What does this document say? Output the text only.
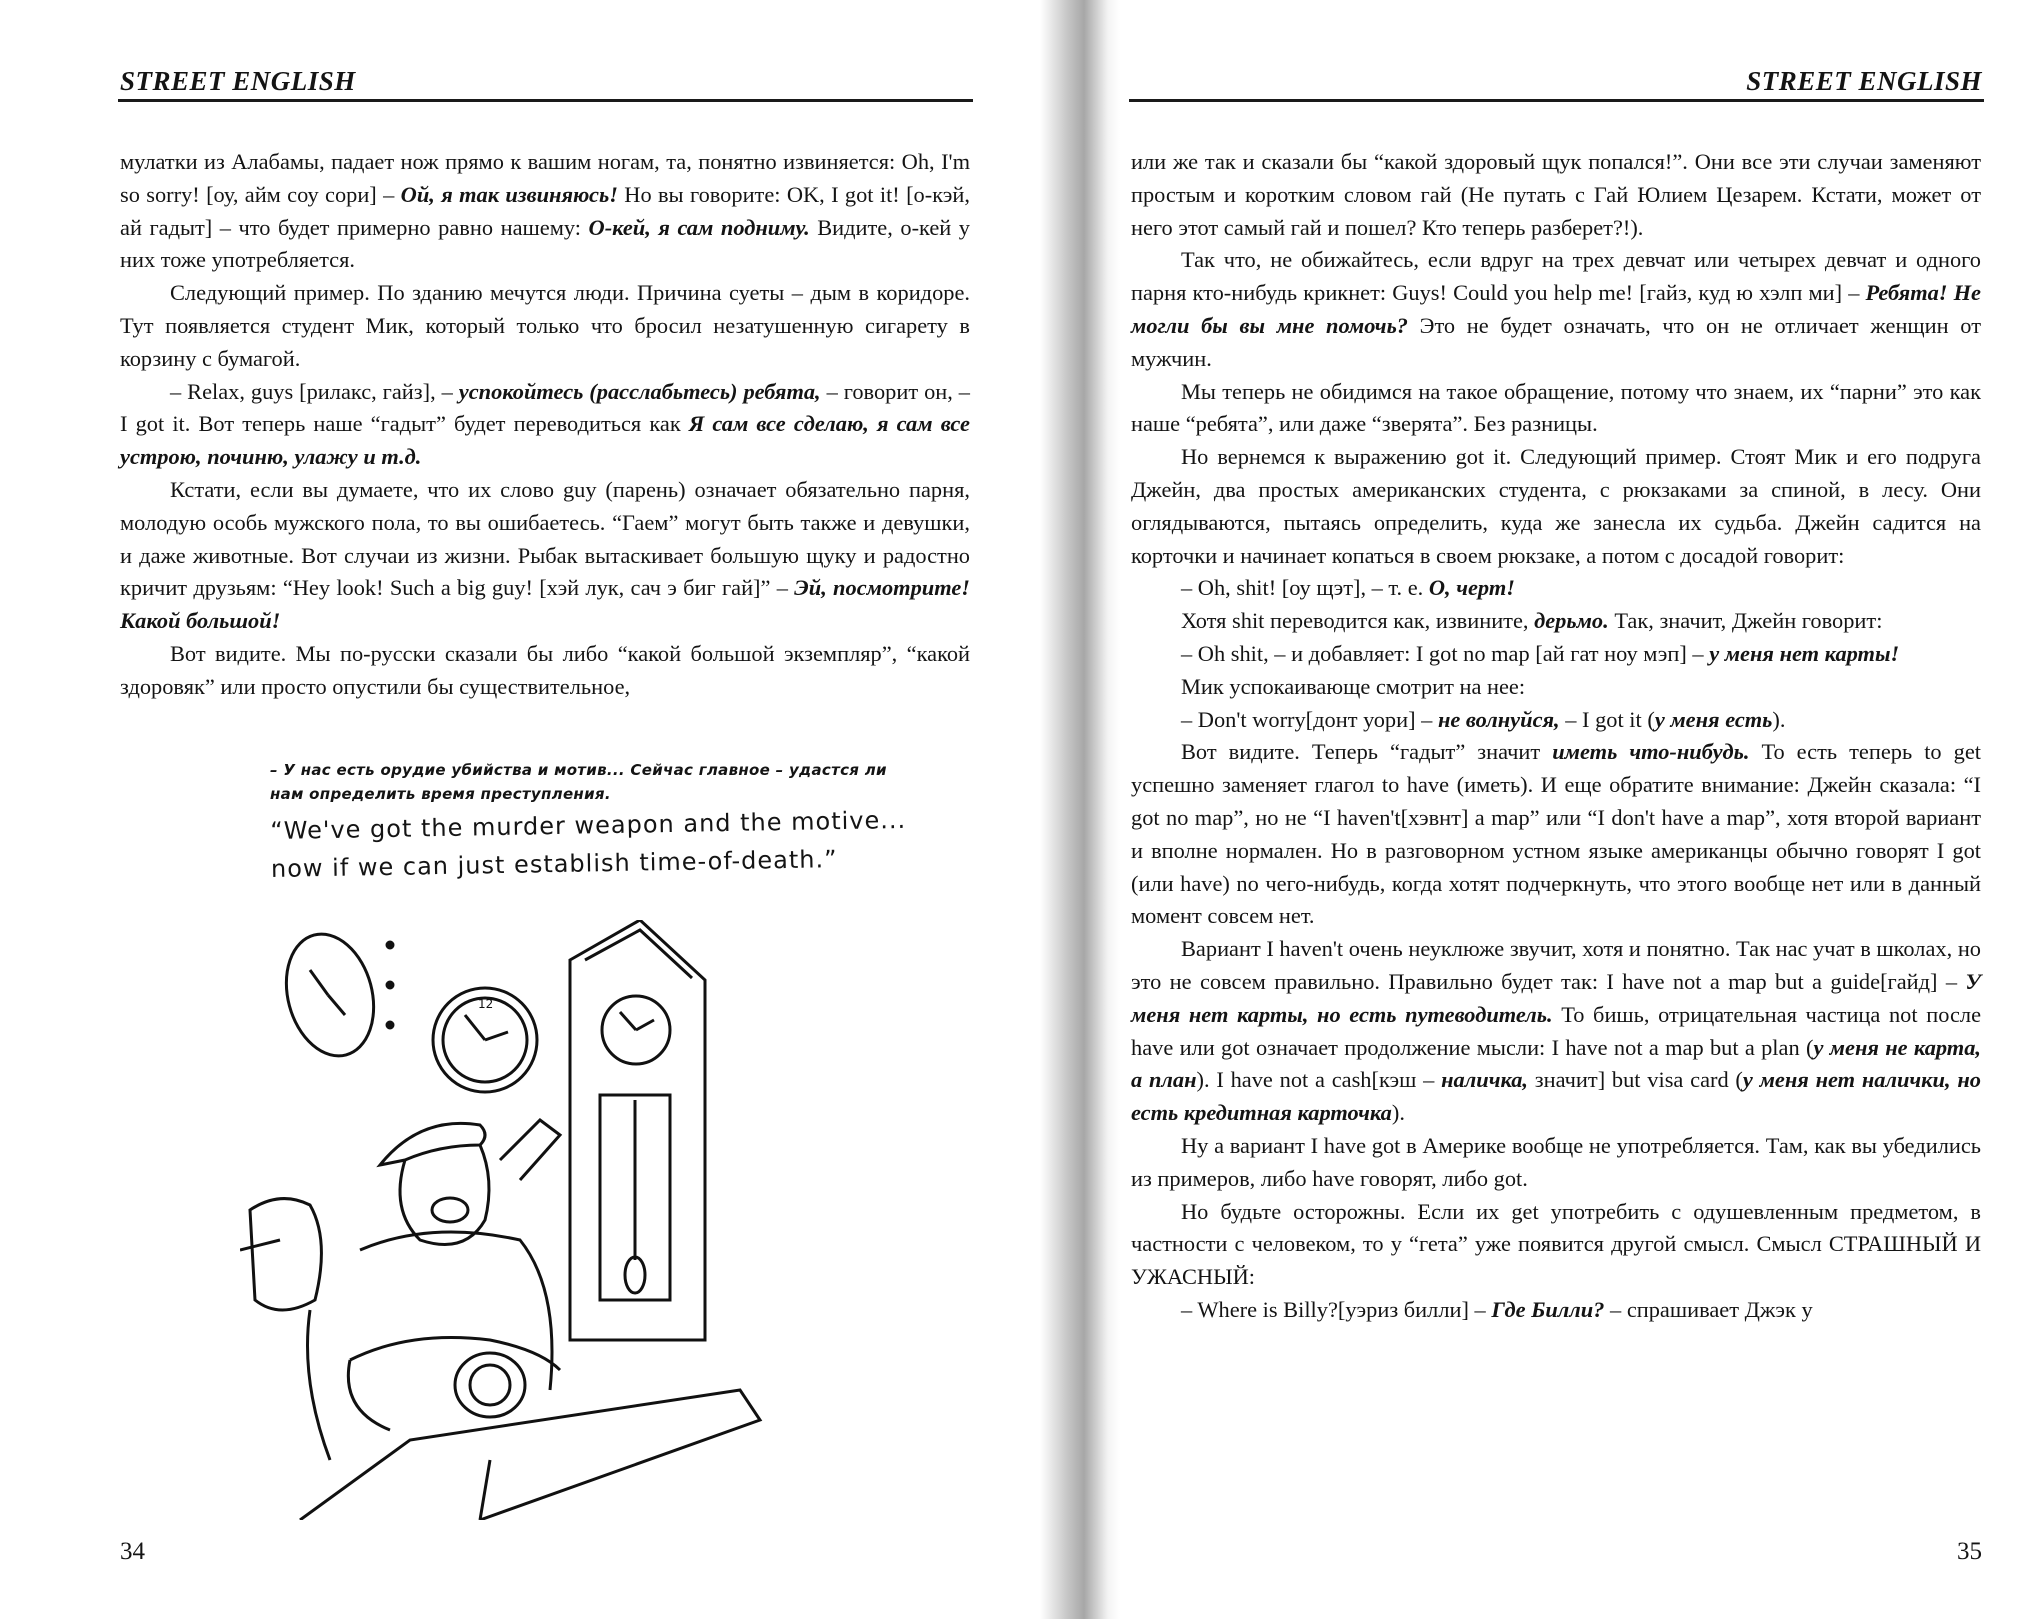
STREET ENGLISH

мулатки из Алабамы, падает нож прямо к вашим ногам, та, понятно извиняется: Oh, I'm so sorry! [оу, айм соу сори] – Ой, я так извиняюсь! Но вы говорите: OK, I got it! [о-кэй, ай гадыт] – что будет примерно равно нашему: О-кей, я сам подниму. Видите, о-кей у них тоже употребляется.

Следующий пример. По зданию мечутся люди. Причина суеты – дым в коридоре. Тут появляется студент Мик, который только что бросил незатушенную сигарету в корзину с бумагой.

– Relax, guys [рилакс, гайз], – успокойтесь (расслабьтесь) ребята, – говорит он, – I got it. Вот теперь наше “гадыт” будет переводиться как Я сам все сделаю, я сам все устрою, починю, улажу и т.д.

Кстати, если вы думаете, что их слово guy (парень) означает обязательно парня, молодую особь мужского пола, то вы ошибаетесь. “Гаем” могут быть также и девушки, и даже животные. Вот случаи из жизни. Рыбак вытаскивает большую щуку и радостно кричит друзьям: “Hey look! Such a big guy! [хэй лук, сач э биг гай]” – Эй, посмотрите! Какой большой!

Вот видите. Мы по-русски сказали бы либо “какой большой экземпляр”, “какой здоровяк” или просто опустили бы существительное,

– У нас есть орудие убийства и мотив... Сейчас главное – удастся ли нам определить время преступления.
“We've got the murder weapon and the motive... now if we can just establish time-of-death.”
12
34
STREET ENGLISH

или же так и сказали бы “какой здоровый щук попался!”. Они все эти случаи заменяют простым и коротким словом гай (Не путать с Гай Юлием Цезарем. Кстати, может от него этот самый гай и пошел? Кто теперь разберет?!).

Так что, не обижайтесь, если вдруг на трех девчат или четырех девчат и одного парня кто-нибудь крикнет: Guys! Could you help me! [гайз, куд ю хэлп ми] – Ребята! Не могли бы вы мне помочь? Это не будет означать, что он не отличает женщин от мужчин.

Мы теперь не обидимся на такое обращение, потому что знаем, их “парни” это как наше “ребята”, или даже “зверята”. Без разницы.

Но вернемся к выражению got it. Следующий пример. Стоят Мик и его подруга Джейн, два простых американских студента, с рюкзаками за спиной, в лесу. Они оглядываются, пытаясь определить, куда же занесла их судьба. Джейн садится на корточки и начинает копаться в своем рюкзаке, а потом с досадой говорит:

– Oh, shit! [оу щэт], – т. е. О, черт!

Хотя shit переводится как, извините, дерьмо. Так, значит, Джейн говорит:

– Oh shit, – и добавляет: I got no map [ай гат ноу мэп] – у меня нет карты!

Мик успокаивающе смотрит на нее:

– Don't worry[донт уори] – не волнуйся, – I got it (у меня есть).

Вот видите. Теперь “гадыт” значит иметь что-нибудь. То есть теперь to get успешно заменяет глагол to have (иметь). И еще обратите внимание: Джейн сказала: “I got no map”, но не “I haven't[хэвнт] a map” или “I don't have a map”, хотя второй вариант и вполне нормален. Но в разговорном устном языке американцы обычно говорят I got (или have) no чего-нибудь, когда хотят подчеркнуть, что этого вообще нет или в данный момент совсем нет.

Вариант I haven't очень неуклюже звучит, хотя и понятно. Так нас учат в школах, но это не совсем правильно. Правильно будет так: I have not a map but a guide[гайд] – У меня нет карты, но есть путеводитель. То бишь, отрицательная частица not после have или got означает продолжение мысли: I have not a map but a plan (у меня не карта, а план). I have not a cash[кэш – наличка, значит] but visa card (у меня нет налички, но есть кредитная карточка).

Ну а вариант I have got в Америке вообще не употребляется. Там, как вы убедились из примеров, либо have говорят, либо got.

Но будьте осторожны. Если их get употребить с одушевленным предметом, в частности с человеком, то у “гета” уже появится другой смысл. Смысл СТРАШНЫЙ И УЖАСНЫЙ:

– Where is Billy?[уэриз билли] – Где Билли? – спрашивает Джэк у

35
